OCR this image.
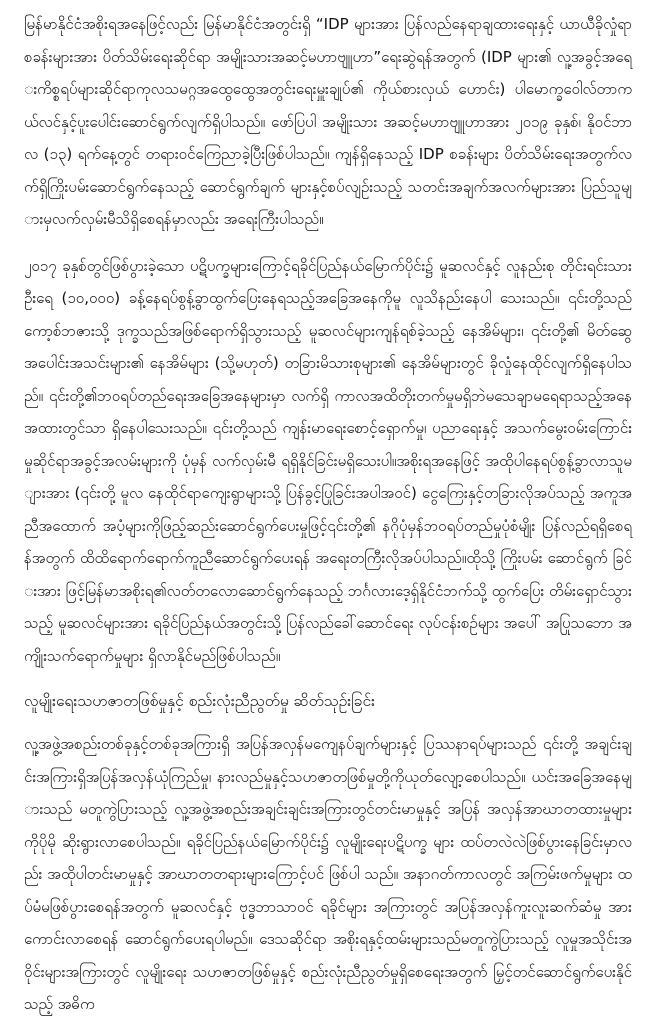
မြန်မာနိုင်ငံအစိုးရအနေဖြင့်လည်း မြန်မာနိုင်ငံအတွင်းရှိ “IDP များအား ပြန်လည်နေရာချထားရေးနှင့် ယာယီခိုလှုံရာစခန်းများအား ပိတ်သိမ်းရေးဆိုင်ရာ အမျိုးသားအဆင့်မဟာဗျူဟာ”ရေးဆွဲရန်အတွက် (IDP များ၏ လူ့အခွင့်အရေးကိစ္စရပ်များဆိုင်ရာကုလသမဂ္ဂအထွေထွေအတွင်းရေးမှူးချုပ်၏ ကိုယ်စားလှယ် ဟောင်း) ပါမောက္ခဝေါလ်တာကယ်လင်နှင့်ပူးပေါင်းဆောင်ရွက်လျက်ရှိပါသည်။ ဖော်ပြပါ အမျိုးသား အဆင့်မဟာဗျူဟာအား ၂၀၁၉ ခုနှစ်၊ နိုဝင်ဘာလ (၁၃) ရက်နေ့တွင် တရားဝင်ကြေညာခဲ့ပြီးဖြစ်ပါသည်။ ကျန်ရှိနေသည့် IDP စခန်းများ ပိတ်သိမ်းရေးအတွက်လက်ရှိကြိုးပမ်းဆောင်ရွက်နေသည့် ဆောင်ရွက်ချက် များနှင့်စပ်လျဉ်းသည့် သတင်းအချက်အလက်များအား ပြည်သူများမှလက်လှမ်းမီသိရှိစေရန်မှာလည်း အရေးကြီးပါသည်။

၂၀၁၇ ခုနှစ်တွင်ဖြစ်ပွားခဲ့သော ပဋိပက္ခများကြောင့်ရခိုင်ပြည်နယ်မြောက်ပိုင်း၌ မူဆလင်နှင့် လူနည်းစု တိုင်းရင်းသားဦးရေ (၁၀,၀၀၀) ခန့်နေရပ်စွန့်ခွာထွက်ပြေးနေရသည့်အခြေအနေကိုမူ လူသိနည်းနေပါ သေးသည်။ ၎င်းတို့သည် ကော့စ်ဘဇားသို့ ဒုက္ခသည်အဖြစ်ရောက်ရှိသွားသည့် မူဆလင်များကျန်ရစ်ခဲ့သည့် နေအိမ်များ၊ ၎င်းတို့၏ မိတ်ဆွေအပေါင်းအသင်းများ၏ နေအိမ်များ (သို့မဟုတ်) တခြားမိသားစုများ၏ နေအိမ်များတွင် ခိုလှုံနေထိုင်လျက်ရှိနေပါသည်။ ၎င်းတို့၏ဘဝရပ်တည်ရေးအခြေအနေများမှာ လက်ရှိ ကာလအထိတိုးတက်မှုမရှိဘဲမသေချာမရေရာသည့်အနေအထားတွင်သာ ရှိနေပါသေးသည်။ ၎င်းတို့သည် ကျန်းမာရေးစောင့်ရှောက်မှု၊ ပညာရေးနှင့် အသက်မွေးဝမ်းကြောင်းမှုဆိုင်ရာအခွင့်အလမ်းများကို ပုံမှန် လက်လှမ်းမီ ရရှိနိုင်ခြင်းမရှိသေးပါ။အစိုးရအနေဖြင့် အထိုပါနေရပ်စွန့်ခွာလာသူများအား (၎င်းတို့ မူလ နေထိုင်ရာကျေးရွာများသို့ ပြန်ခွင့်ပြုခြင်းအပါအဝင်) ငွေကြေးနှင့်တခြားလိုအပ်သည့် အကူအညီအထောက် အပံ့များကိုဖြည့်ဆည်းဆောင်ရွက်ပေးမှုဖြင့်၎င်းတို့၏ နဂိုပုံမှန်ဘဝရပ်တည်မှုပုံစံမျိုး ပြန်လည်ရရှိစေရန်အတွက် ထိထိရောက်ရောက်ကူညီဆောင်ရွက်ပေးရန် အရေးတကြီးလိုအပ်ပါသည်။ထိုသို့ ကြိုးပမ်း ဆောင်ရွက် ခြင်းအား ဖြင့်မြန်မာအစိုးရ၏လတ်တလောဆောင်ရွက်နေသည့် ဘင်္ဂလားဒေ့ရှ်နိုင်ငံဘက်သို့ ထွက်ပြေး တိမ်းရှောင်သွားသည့် မူဆလင်များအား ရခိုင်ပြည်နယ်အတွင်းသို့ ပြန်လည်ခေါ်ဆောင်ရေး လုပ်ငန်းစဉ်များ အပေါ် အပြုသဘော အကျိုးသက်ရောက်မှုများ ရှိလာနိုင်မည်ဖြစ်ပါသည်။

လူမျိုးရေးသဟဇာတဖြစ်မှုနှင့် စည်းလုံးညီညွတ်မှု ဆိတ်သုဉ်းခြင်း

လူ့အဖွဲ့အစည်းတစ်ခုနှင့်တစ်ခုအကြားရှိ အပြန်အလှန်မကျေနပ်ချက်များနှင့် ပြဿနာရပ်များသည် ၎င်းတို့ အချင်းချင်းအကြားရှိအပြန်အလှန်ယုံကြည်မှု၊ နားလည်မှုနှင့်သဟဇာတဖြစ်မှုတို့ကိုယုတ်လျော့စေပါသည်။ ယင်းအခြေအနေများသည် မတူကွဲပြားသည့် လူ့အဖွဲ့အစည်းအချင်းချင်းအကြားတွင်တင်းမာမှုနှင့် အပြန် အလှန်အာဃာတထားမှုများကိုပိုမို ဆိုးရွားလာစေပါသည်။ ရခိုင်ပြည်နယ်မြောက်ပိုင်း၌ လူမျိုးရေးပဋိပက္ခ များ ထပ်တလဲလဲဖြစ်ပွားနေခြင်းမှာလည်း အထိုပါတင်းမာမှုနှင့် အာဃာတတရားများကြောင့်ပင် ဖြစ်ပါ သည်။ အနာဂတ်ကာလတွင် အကြမ်းဖက်မှုများ ထပ်မံမဖြစ်ပွားစေရန်အတွက် မူဆလင်နှင့် ဗုဒ္ဓဘာသာဝင် ရခိုင်များ အကြားတွင် အပြန်အလှန်ကူးလူးဆက်ဆံမှု အားကောင်းလာစေရန် ဆောင်ရွက်ပေးရပါမည်။ ဒေသဆိုင်ရာ အစိုးရနှင့်ထမ်းများသည်မတူကွဲပြားသည့် လူမှုအသိုင်းအဝိုင်းများအကြားတွင် လူမျိုးရေး သဟဇာတဖြစ်မှုနှင့် စည်းလုံးညီညွတ်မှုရှိစေရေးအတွက် မြှင့်တင်ဆောင်ရွက်ပေးနိုင်သည့် အဓိက
